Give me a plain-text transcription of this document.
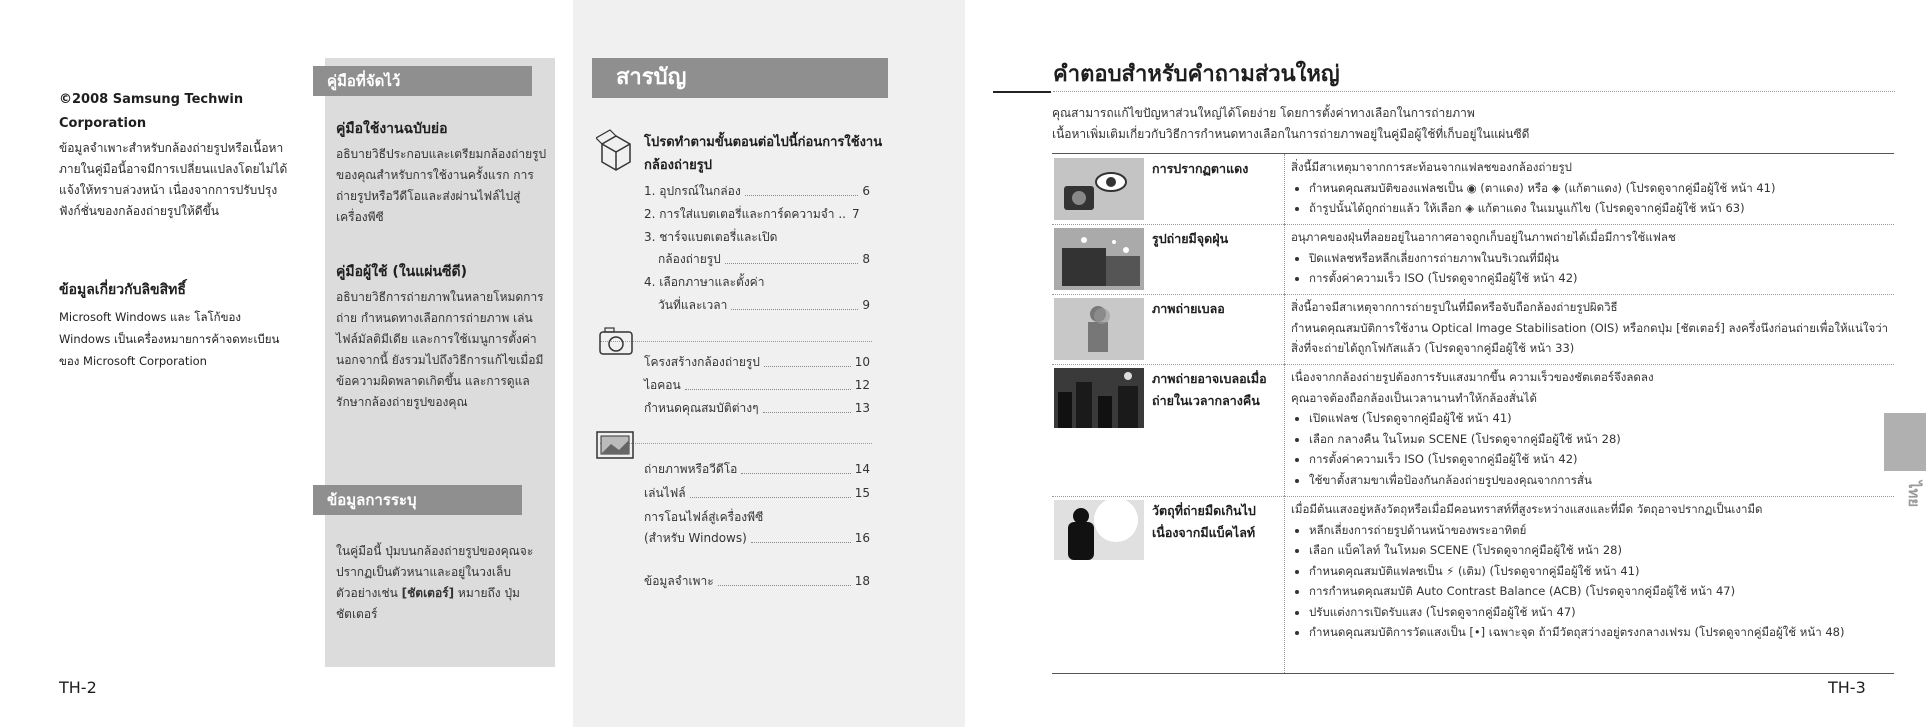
©2008 Samsung Techwin Corporation
ข้อมูลจำเพาะสำหรับกล้องถ่ายรูปหรือเนื้อหาภายในคู่มือนี้อาจมีการเปลี่ยนแปลงโดยไม่ได้แจ้งให้ทราบล่วงหน้า เนื่องจากการปรับปรุงฟังก์ชั่นของกล้องถ่ายรูปให้ดีขึ้น
ข้อมูลเกี่ยวกับลิขสิทธิ์
Microsoft Windows และ โลโก้ของ Windows เป็นเครื่องหมายการค้าจดทะเบียนของ Microsoft Corporation
คู่มือที่จัดไว้
คู่มือใช้งานฉบับย่อ
อธิบายวิธีประกอบและเตรียมกล้องถ่ายรูปของคุณสำหรับการใช้งานครั้งแรก การถ่ายรูปหรือวีดีโอและส่งผ่านไฟล์ไปสู่เครื่องพีซี
คู่มือผู้ใช้ (ในแผ่นซีดี)
อธิบายวิธีการถ่ายภาพในหลายโหมดการถ่าย กำหนดทางเลือกการถ่ายภาพ เล่นไฟล์มัลติมีเดีย และการใช้เมนูการตั้งค่า นอกจากนี้ ยังรวมไปถึงวิธีการแก้ไขเมื่อมีข้อความผิดพลาดเกิดขึ้น และการดูแลรักษากล้องถ่ายรูปของคุณ
ข้อมูลการระบุ
ในคู่มือนี้ ปุ่มบนกล้องถ่ายรูปของคุณจะปรากฏเป็นตัวหนาและอยู่ในวงเล็บ ตัวอย่างเช่น [ชัตเตอร์] หมายถึง ปุ่มชัตเตอร์
TH-2
สารบัญ
โปรดทำตามขั้นตอนต่อไปนี้ก่อนการใช้งานกล้องถ่ายรูป
1. อุปกรณ์ในกล่อง	6
2. การใส่แบตเตอรี่และการ์ดความจำ .. 7
3. ชาร์จแบตเตอรี่และเปิด
กล้องถ่ายรูป	8
4. เลือกภาษาและตั้งค่า
วันที่และเวลา	9
โครงสร้างกล้องถ่ายรูป	10
ไอคอน	12
กำหนดคุณสมบัติต่างๆ	13
ถ่ายภาพหรือวีดีโอ	14
เล่นไฟล์	15
การโอนไฟล์สู่เครื่องพีซี
(สำหรับ Windows)	16
ข้อมูลจำเพาะ	18
คำตอบสำหรับคำถามส่วนใหญ่
คุณสามารถแก้ไขปัญหาส่วนใหญ่ได้โดยง่าย โดยการตั้งค่าทางเลือกในการถ่ายภาพ
เนื้อหาเพิ่มเติมเกี่ยวกับวิธีการกำหนดทางเลือกในการถ่ายภาพอยู่ในคู่มือผู้ใช้ที่เก็บอยู่ในแผ่นซีดี
การปรากฏตาแดง	สิ่งนี้มีสาเหตุมาจากการสะท้อนจากแฟลชของกล้องถ่ายรูป
• กำหนดคุณสมบัติของแฟลชเป็น ◉ (ตาแดง) หรือ ◈ (แก้ตาแดง) (โปรดดูจากคู่มือผู้ใช้ หน้า 41)
• ถ้ารูปนั้นได้ถูกถ่ายแล้ว ให้เลือก ◈ แก้ตาแดง ในเมนูแก้ไข (โปรดดูจากคู่มือผู้ใช้ หน้า 63)
รูปถ่ายมีจุดฝุ่น	อนุภาคของฝุ่นที่ลอยอยู่ในอากาศอาจถูกเก็บอยู่ในภาพถ่ายได้เมื่อมีการใช้แฟลช
• ปิดแฟลชหรือหลีกเลี่ยงการถ่ายภาพในบริเวณที่มีฝุ่น
• การตั้งค่าความเร็ว ISO (โปรดดูจากคู่มือผู้ใช้ หน้า 42)
ภาพถ่ายเบลอ	สิ่งนี้อาจมีสาเหตุจากการถ่ายรูปในที่มืดหรือจับถือกล้องถ่ายรูปผิดวิธี
กำหนดคุณสมบัติการใช้งาน Optical Image Stabilisation (OIS) หรือกดปุ่ม [ชัตเตอร์] ลงครึ่งนึงก่อนถ่ายเพื่อให้แน่ใจว่าสิ่งที่จะถ่ายได้ถูกโฟกัสแล้ว (โปรดดูจากคู่มือผู้ใช้ หน้า 33)
ภาพถ่ายอาจเบลอเมื่อถ่ายในเวลากลางคืน
เนื่องจากกล้องถ่ายรูปต้องการรับแสงมากขึ้น ความเร็วของชัตเตอร์จึงลดลง
คุณอาจต้องถือกล้องเป็นเวลานานทำให้กล้องสั่นได้
• เปิดแฟลช (โปรดดูจากคู่มือผู้ใช้ หน้า 41)
• เลือก กลางคืน ในโหมด SCENE (โปรดดูจากคู่มือผู้ใช้ หน้า 28)
• การตั้งค่าความเร็ว ISO (โปรดดูจากคู่มือผู้ใช้ หน้า 42)
• ใช้ขาตั้งสามขาเพื่อป้องกันกล้องถ่ายรูปของคุณจากการสั่น
วัตถุที่ถ่ายมืดเกินไปเนื่องจากมีแบ็คไลท์
เมื่อมีต้นแสงอยู่หลังวัตถุหรือเมื่อมีคอนทราสท์ที่สูงระหว่างแสงและที่มืด วัตถุอาจปรากฏเป็นเงามืด
• หลีกเลี่ยงการถ่ายรูปด้านหน้าของพระอาทิตย์
• เลือก แบ็คไลท์ ในโหมด SCENE (โปรดดูจากคู่มือผู้ใช้ หน้า 28)
• กำหนดคุณสมบัติแฟลชเป็น ⚡ (เติม) (โปรดดูจากคู่มือผู้ใช้ หน้า 41)
• การกำหนดคุณสมบัติ Auto Contrast Balance (ACB) (โปรดดูจากคู่มือผู้ใช้ หน้า 47)
• ปรับแต่งการเปิดรับแสง (โปรดดูจากคู่มือผู้ใช้ หน้า 47)
• กำหนดคุณสมบัติการวัดแสงเป็น [•] เฉพาะจุด ถ้ามีวัตถุสว่างอยู่ตรงกลางเฟรม (โปรดดูจากคู่มือผู้ใช้ หน้า 48)
ไทย
TH-3
